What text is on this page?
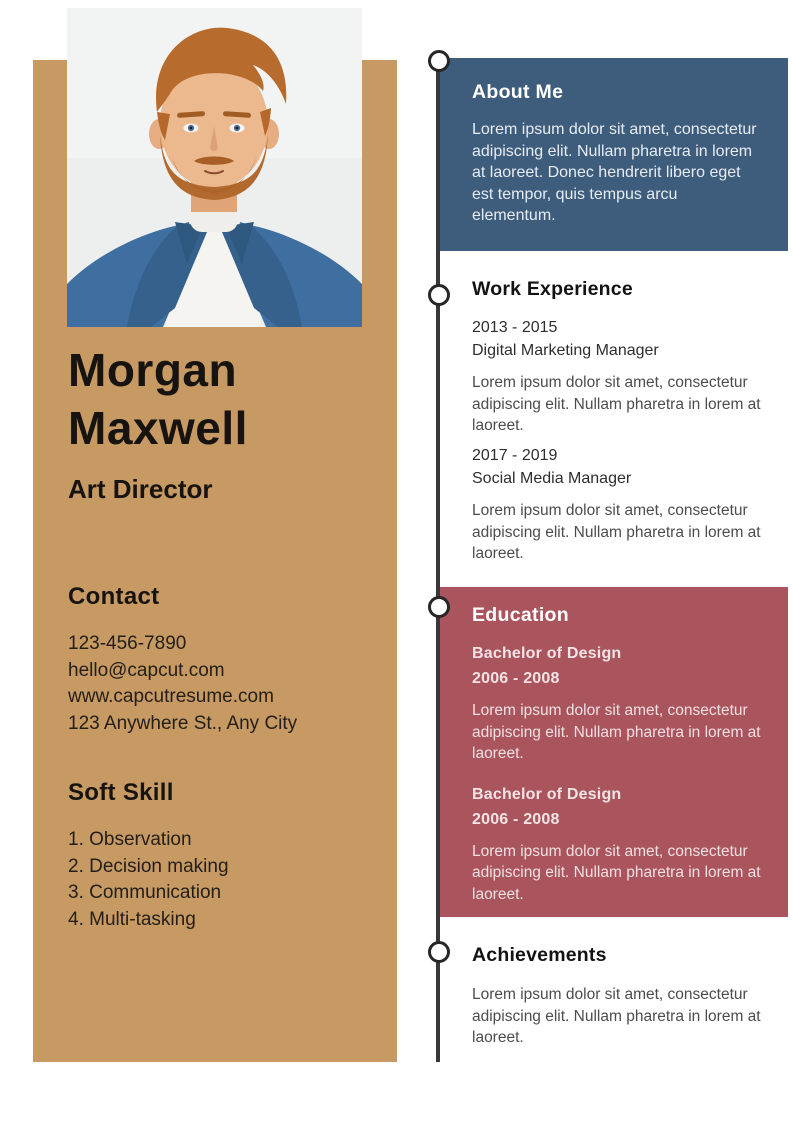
Morgan Maxwell
Art Director
Contact
123-456-7890
hello@capcut.com
www.capcutresume.com
123 Anywhere St., Any City
Soft Skill
1. Observation
2. Decision making
3. Communication
4. Multi-tasking
About Me

Lorem ipsum dolor sit amet, consectetur adipiscing elit. Nullam pharetra in lorem at laoreet. Donec hendrerit libero eget est tempor, quis tempus arcu elementum.

Work Experience
2013 - 2015
Digital Marketing Manager

Lorem ipsum dolor sit amet, consectetur adipiscing elit. Nullam pharetra in lorem at laoreet.

2017 - 2019
Social Media Manager

Lorem ipsum dolor sit amet, consectetur adipiscing elit. Nullam pharetra in lorem at laoreet.

Education
Bachelor of Design
2006 - 2008

Lorem ipsum dolor sit amet, consectetur adipiscing elit. Nullam pharetra in lorem at laoreet.

Bachelor of Design
2006 - 2008

Lorem ipsum dolor sit amet, consectetur adipiscing elit. Nullam pharetra in lorem at laoreet.

Achievements

Lorem ipsum dolor sit amet, consectetur adipiscing elit. Nullam pharetra in lorem at laoreet.
